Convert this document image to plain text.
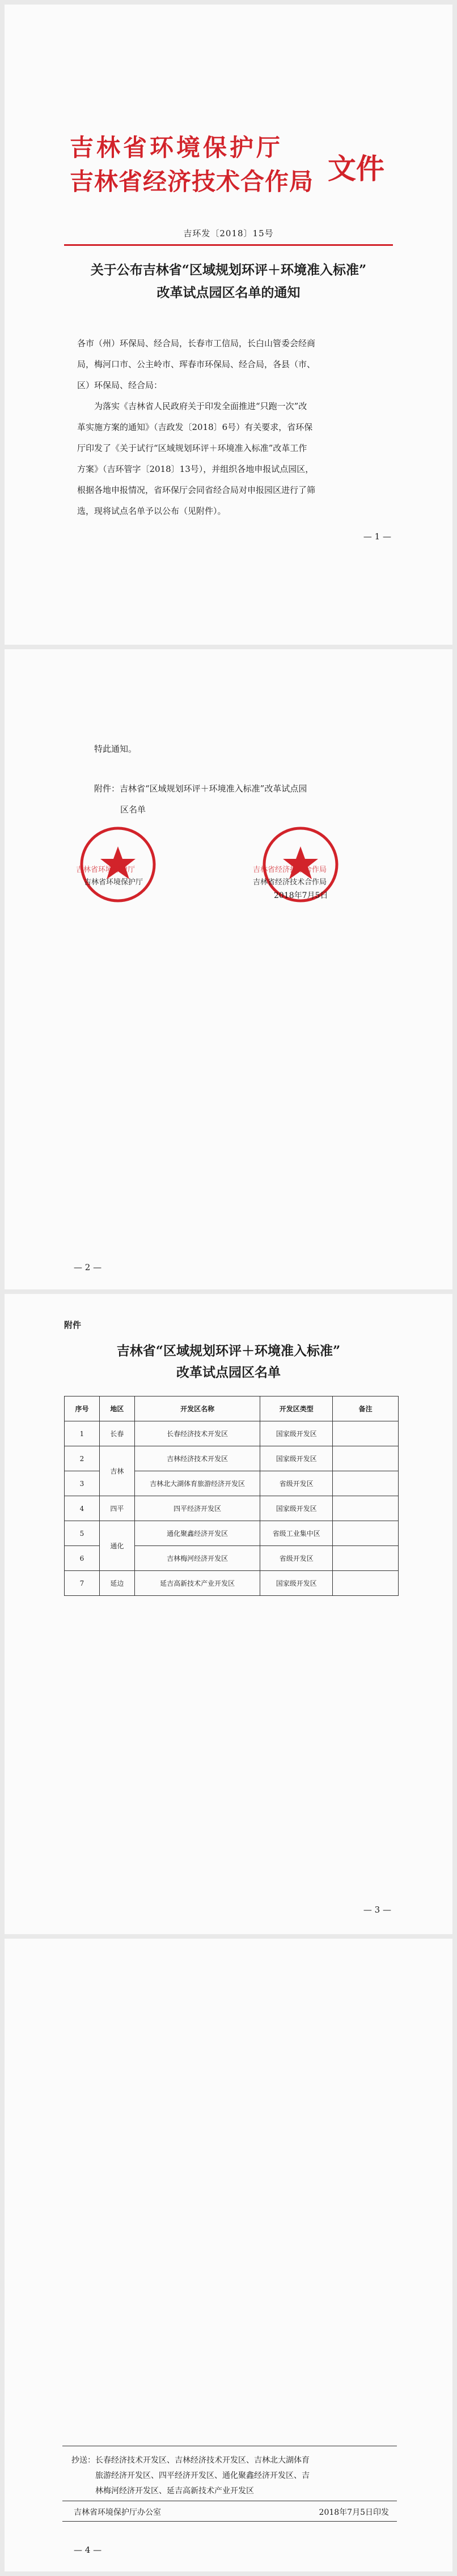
吉林省环境保护厅
吉林省经济技术合作局 文件
吉环发〔2018〕15号
关于公布吉林省“区域规划环评＋环境准入标准”
改革试点园区名单的通知

各市（州）环保局、经合局，长春市工信局，长白山管委会经商

局，梅河口市、公主岭市、珲春市环保局、经合局，各县（市、

区）环保局、经合局：

　　为落实《吉林省人民政府关于印发全面推进“只跑一次”改

革实施方案的通知》（吉政发〔2018〕6号）有关要求，省环保

厅印发了《关于试行“区域规划环评＋环境准入标准”改革工作

方案》（吉环管字〔2018〕13号），并组织各地申报试点园区，

根据各地申报情况，省环保厅会同省经合局对申报园区进行了筛

选，现将试点名单予以公布（见附件）。

— 1 —

特此通知。

附件：吉林省“区域规划环评＋环境准入标准”改革试点园

区名单

吉林省环境保护厅	吉林省经济技术合作局
吉林省环境保护厅	吉林省经济技术合作局
2018年7月5日
— 2 —
附件
吉林省“区域规划环评＋环境准入标准”
改革试点园区名单
序号	地区	开发区名称	开发区类型	备注
1	长春	长春经济技术开发区	国家级开发区	
2	吉林	吉林经济技术开发区	国家级开发区	
3		吉林北大湖体育旅游经济开发区	省级开发区	
4	四平	四平经济开发区	国家级开发区	
5	通化	通化聚鑫经济开发区	省级工业集中区	
6		吉林梅河经济开发区	省级开发区	
7	延边	延吉高新技术产业开发区	国家级开发区	
— 3 —

抄送：长春经济技术开发区、吉林经济技术开发区、吉林北大湖体育

旅游经济开发区、四平经济开发区、通化聚鑫经济开发区、吉

林梅河经济开发区、延吉高新技术产业开发区

吉林省环境保护厅办公室	2018年7月5日印发
— 4 —
